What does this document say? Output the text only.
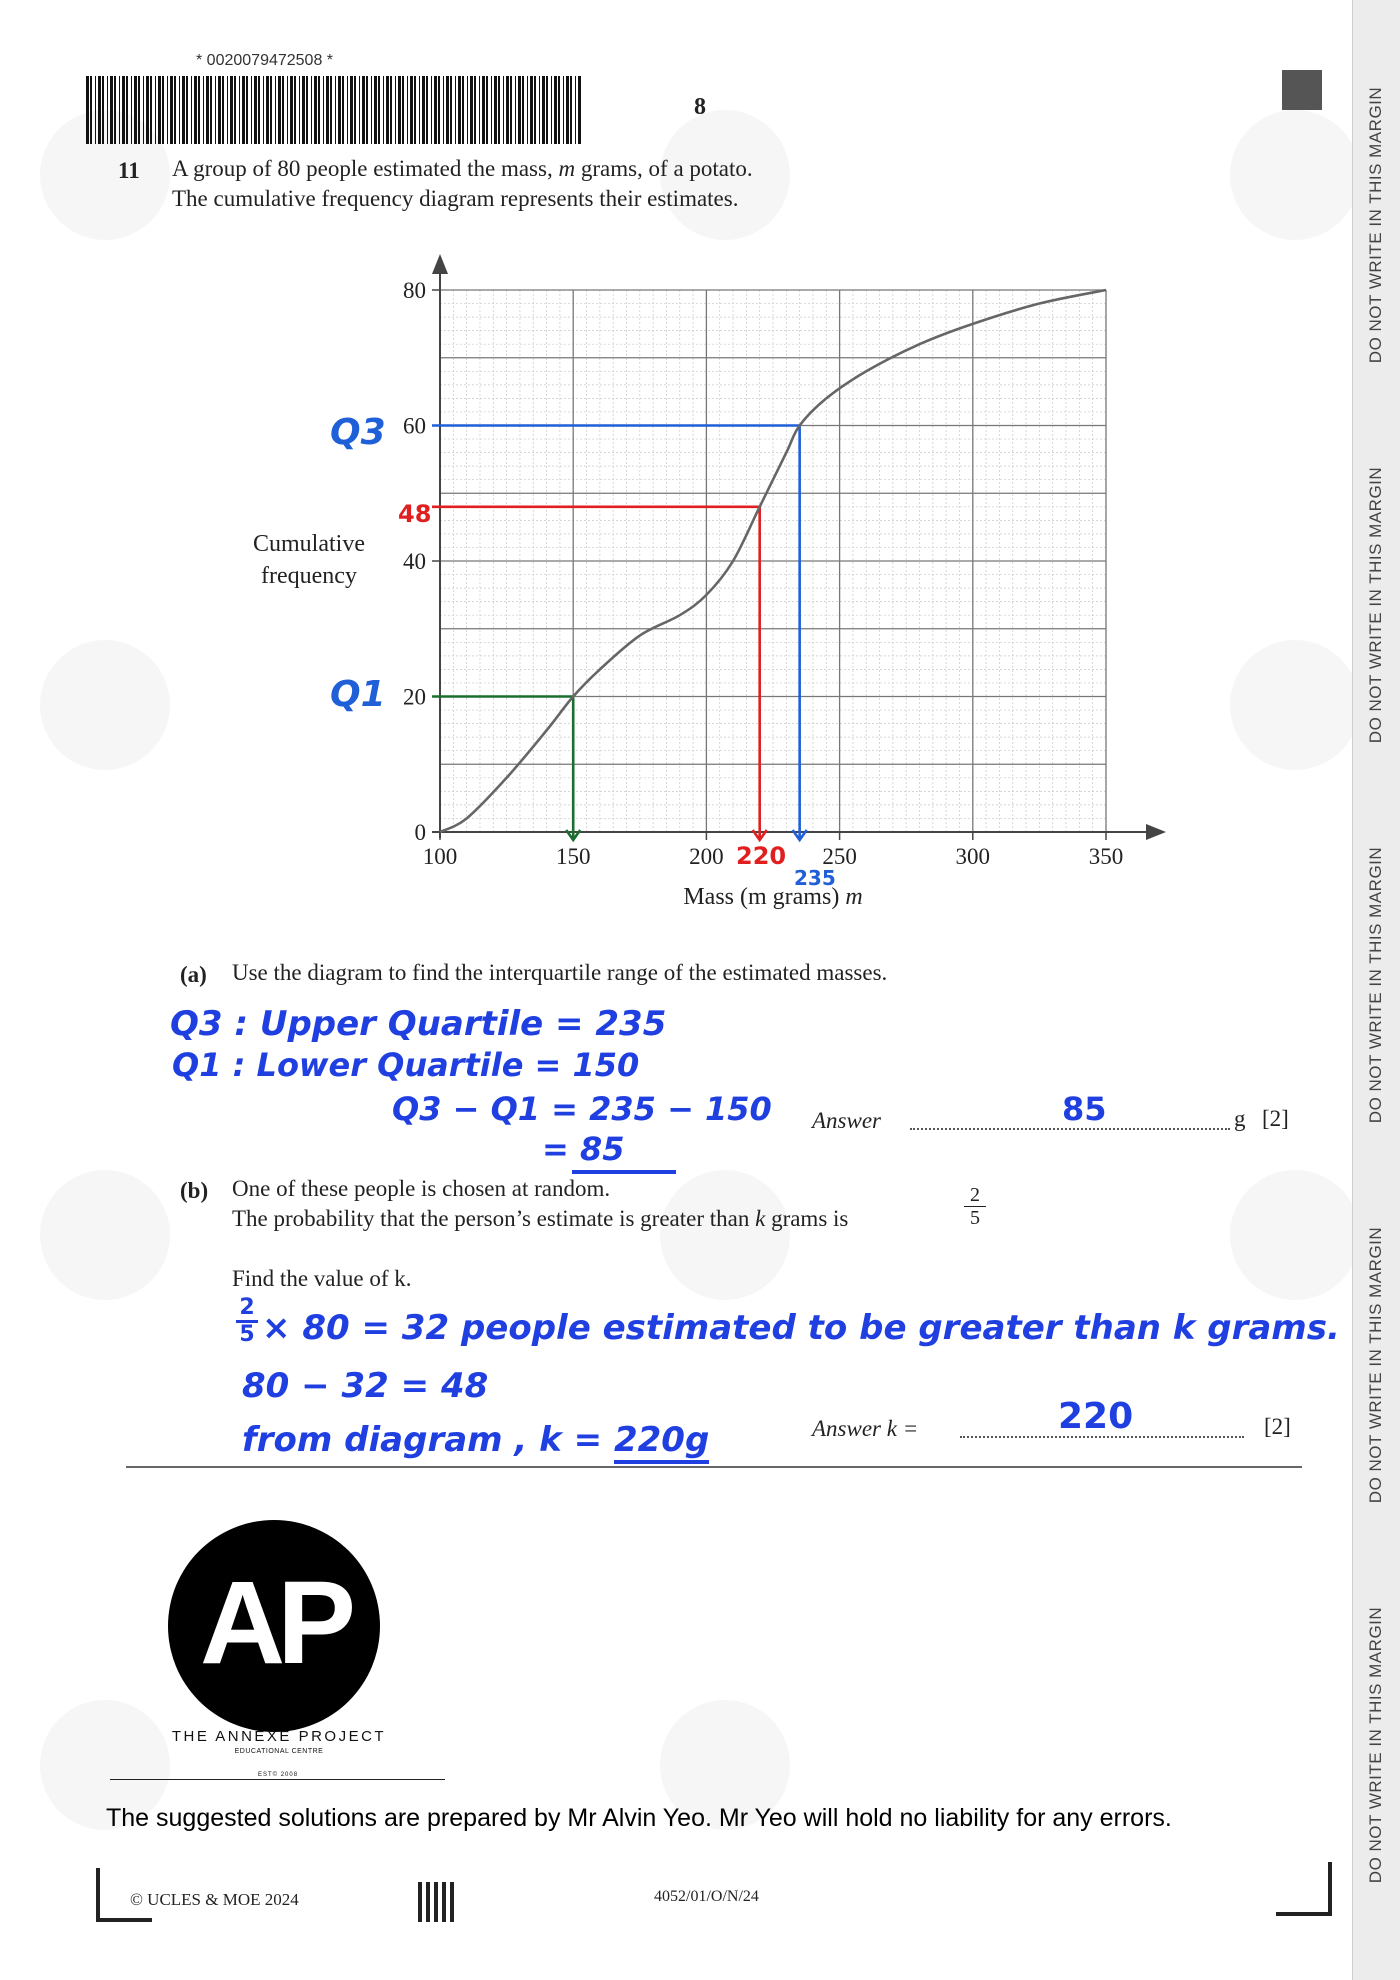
DO NOT WRITE IN THIS MARGIN
DO NOT WRITE IN THIS MARGIN
DO NOT WRITE IN THIS MARGIN
DO NOT WRITE IN THIS MARGIN
DO NOT WRITE IN THIS MARGIN
* 0020079472508 *
8
11 A group of 80 people estimated the mass, m grams, of a potato.
The cumulative frequency diagram represents their estimates.
100	150	200	250	300	350
0
20
40
60
80
Mass (m grams) m
Cumulative frequency
Q3
48
Q1
220
235
(a) Use the diagram to find the interquartile range of the estimated masses.
Q3 : Upper Quartile = 235
Q1 : Lower Quartile = 150
Q3 − Q1 = 235 − 150
= 85
Answer	85	g [2]
(b) One of these people is chosen at random.
The probability that the person’s estimate is greater than k grams is	$\frac{2}{5}$
Find the value of k.
$\frac{2}{5} \times 80 = 32$ people estimated to be greater than k grams.
80 − 32 = 48
from diagram , k = 220g	Answer k =	220	[2]
AP
THE ANNEXE PROJECT
EDUCATIONAL CENTRE
EST© 2008
The suggested solutions are prepared by Mr Alvin Yeo. Mr Yeo will hold no liability for any errors.
© UCLES & MOE 2024	4052/01/O/N/24
